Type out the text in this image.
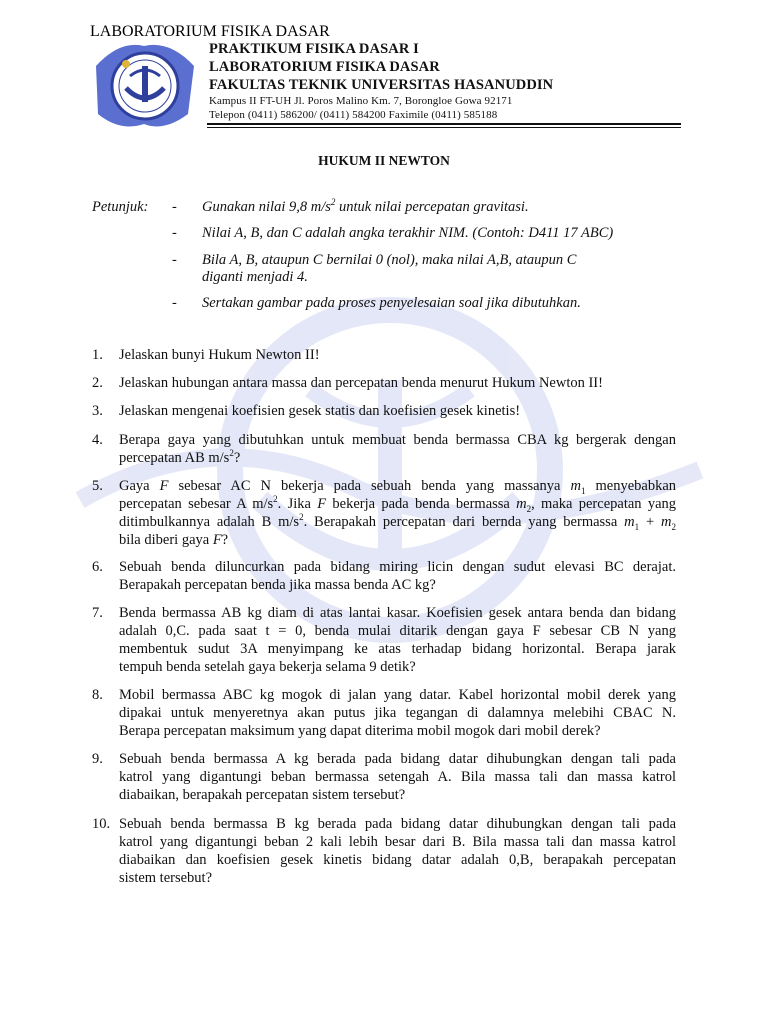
LABORATORIUM FISIKA DASAR
PRAKTIKUM FISIKA DASAR I
LABORATORIUM FISIKA DASAR
FAKULTAS TEKNIK UNIVERSITAS HASANUDDIN
Kampus II FT-UH Jl. Poros Malino Km. 7, Borongloe Gowa 92171
Telepon (0411) 586200/ (0411) 584200 Faximile (0411) 585188
HUKUM II NEWTON
Petunjuk: - Gunakan nilai 9,8 $m/s^2$ untuk nilai percepatan gravitasi.
- Nilai A, B, dan C adalah angka terakhir NIM. (Contoh: D411 17 ABC)
- Bila A, B, ataupun C bernilai 0 (nol), maka nilai A,B, ataupun C
diganti menjadi 4.
- Sertakan gambar pada proses penyelesaian soal jika dibutuhkan.
1. Jelaskan bunyi Hukum Newton II!

2. Jelaskan hubungan antara massa dan percepatan benda menurut Hukum Newton II!

3. Jelaskan mengenai koefisien gesek statis dan koefisien gesek kinetis!

4. Berapa gaya yang dibutuhkan untuk membuat benda bermassa CBA kg bergerak dengan

percepatan AB $m/s^2$?

5. Gaya F sebesar AC N bekerja pada sebuah benda yang massanya $m_1$ menyebabkan

percepatan sebesar A $m/s^2$. Jika F bekerja pada benda bermassa $m_2$, maka percepatan yang

ditimbulkannya adalah B $m/s^2$. Berapakah percepatan dari bernda yang bermassa $m_1 + m_2$

bila diberi gaya F?

6. Sebuah benda diluncurkan pada bidang miring licin dengan sudut elevasi BC derajat.

Berapakah percepatan benda jika massa benda AC kg?

7. Benda bermassa AB kg diam di atas lantai kasar. Koefisien gesek antara benda dan bidang

adalah 0,C. pada saat t = 0, benda mulai ditarik dengan gaya F sebesar CB N yang

membentuk sudut 3A menyimpang ke atas terhadap bidang horizontal. Berapa jarak

tempuh benda setelah gaya bekerja selama 9 detik?

8. Mobil bermassa ABC kg mogok di jalan yang datar. Kabel horizontal mobil derek yang

dipakai untuk menyeretnya akan putus jika tegangan di dalamnya melebihi CBAC N.

Berapa percepatan maksimum yang dapat diterima mobil mogok dari mobil derek?

9. Sebuah benda bermassa A kg berada pada bidang datar dihubungkan dengan tali pada

katrol yang digantungi beban bermassa setengah A. Bila massa tali dan massa katrol

diabaikan, berapakah percepatan sistem tersebut?

10. Sebuah benda bermassa B kg berada pada bidang datar dihubungkan dengan tali pada

katrol yang digantungi beban 2 kali lebih besar dari B. Bila massa tali dan massa katrol

diabaikan dan koefisien gesek kinetis bidang datar adalah 0,B, berapakah percepatan

sistem tersebut?
